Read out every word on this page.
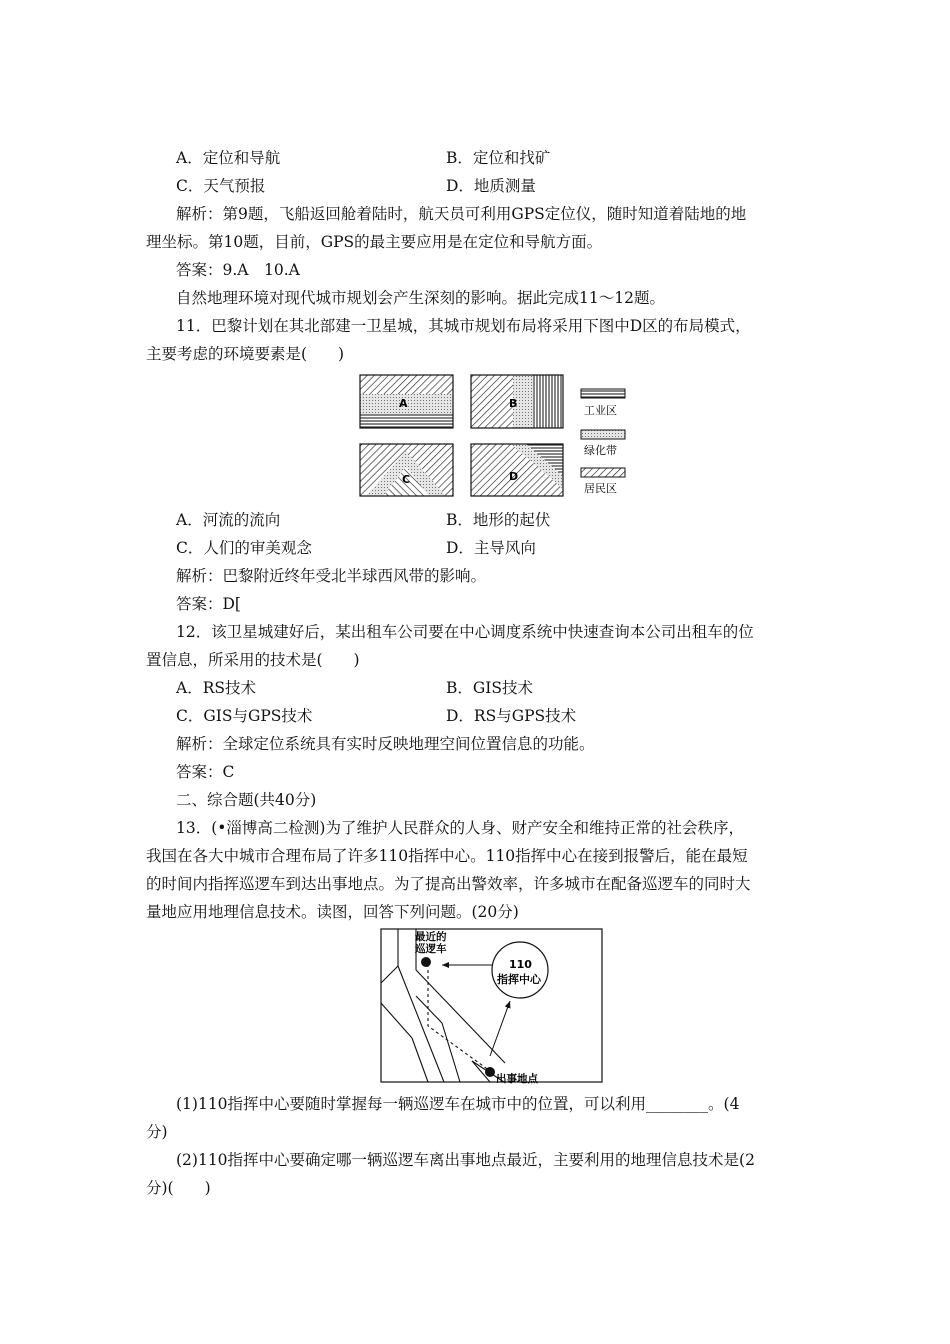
A．定位和导航	B．定位和找矿
C．天气预报	D．地质测量
解析：第9题，飞船返回舱着陆时，航天员可利用GPS定位仪，随时知道着陆地的地
理坐标。第10题，目前，GPS的最主要应用是在定位和导航方面。
答案：9.A　10.A
自然地理环境对现代城市规划会产生深刻的影响。据此完成11～12题。
11．巴黎计划在其北部建一卫星城，其城市规划布局将采用下图中D区的布局模式，
主要考虑的环境要素是(　　)
A	B
C	D
工业区
绿化带
居民区
A．河流的流向	B．地形的起伏
C．人们的审美观念	D．主导风向
解析：巴黎附近终年受北半球西风带的影响。
答案：D[
12．该卫星城建好后，某出租车公司要在中心调度系统中快速查询本公司出租车的位
置信息，所采用的技术是(　　)
A．RS技术	B．GIS技术
C．GIS与GPS技术	D．RS与GPS技术
解析：全球定位系统具有实时反映地理空间位置信息的功能。
答案：C
二、综合题(共40分)
13．(•淄博高二检测)为了维护人民群众的人身、财产安全和维持正常的社会秩序，
我国在各大中城市合理布局了许多110指挥中心。110指挥中心在接到报警后，能在最短
的时间内指挥巡逻车到达出事地点。为了提高出警效率，许多城市在配备巡逻车的同时大
量地应用地理信息技术。读图，回答下列问题。(20分)
最近的
巡逻车
110
指挥中心
出事地点
(1)110指挥中心要随时掌握每一辆巡逻车在城市中的位置，可以利用________。(4
分)
(2)110指挥中心要确定哪一辆巡逻车离出事地点最近，主要利用的地理信息技术是(2
分)(　　)
